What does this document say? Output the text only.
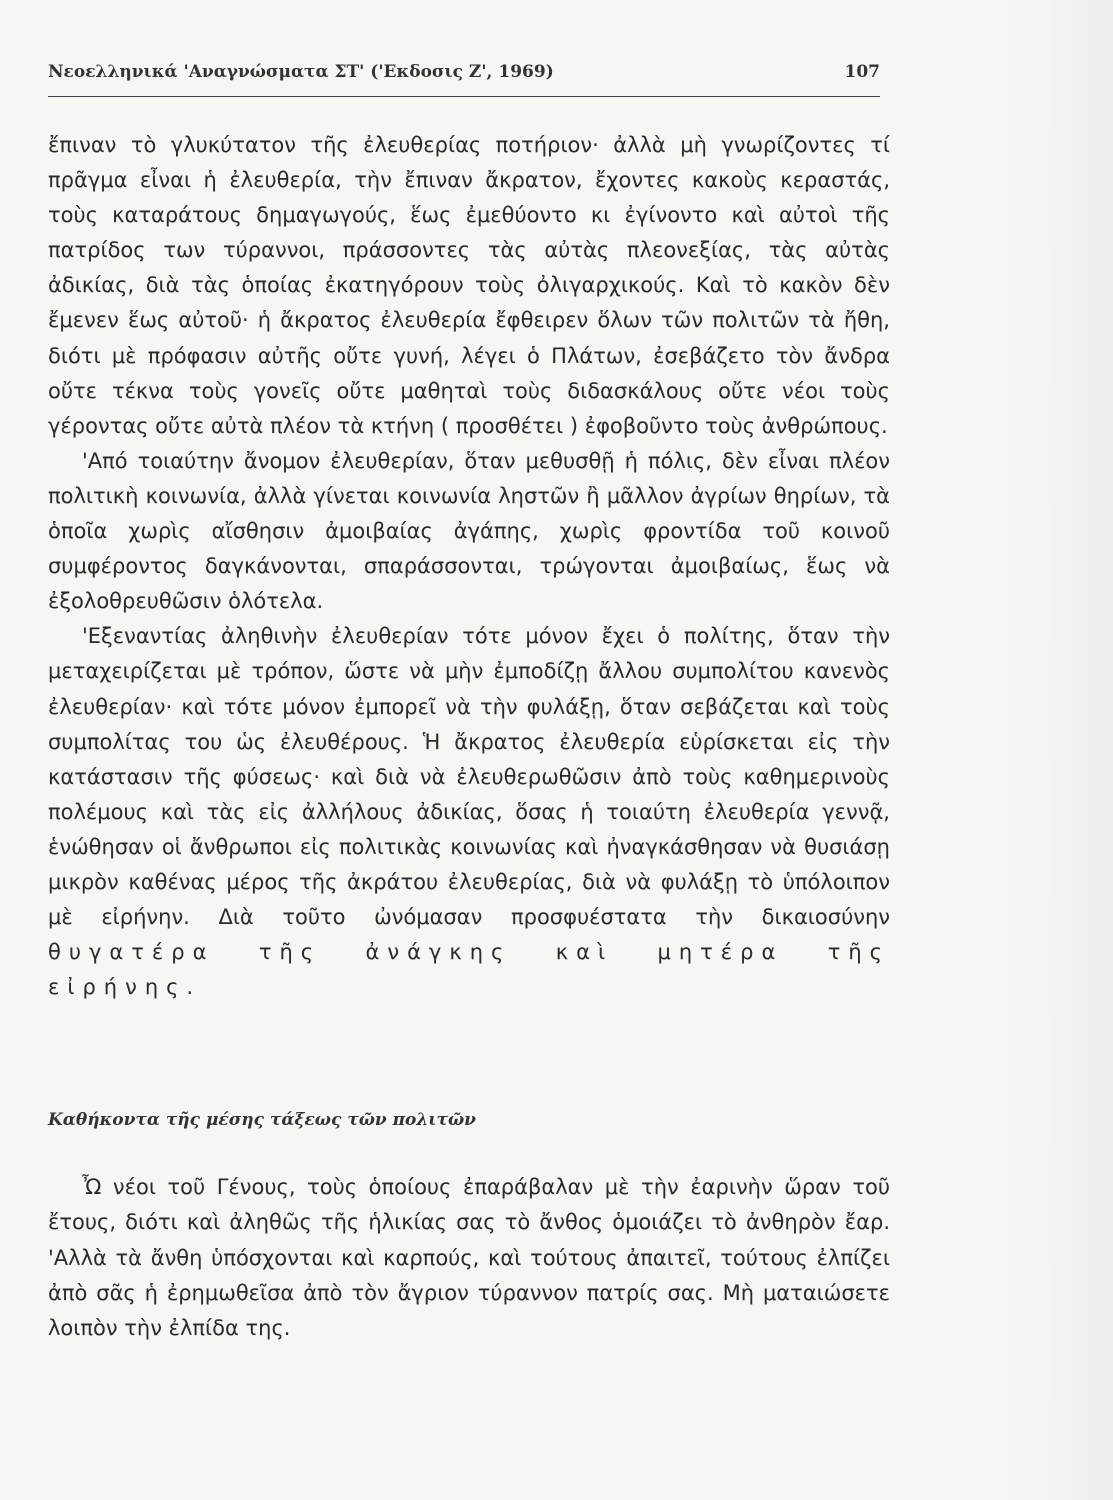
Νεοελληνικά 'Αναγνώσματα ΣΤ' ('Εκδοσις Ζ', 1969)	107

ἔπιναν τὸ γλυκύτατον τῆς ἐλευθερίας ποτήριον· ἀλλὰ μὴ γνωρίζοντες τί πρᾶγμα εἶναι ἡ ἐλευθερία, τὴν ἔπιναν ἄκρατον, ἔχοντες κακοὺς κεραστάς, τοὺς καταράτους δημαγωγούς, ἕως ἐμεθύοντο κι ἐγίνοντο καὶ αὐτοὶ τῆς πατρίδος των τύραννοι, πράσσοντες τὰς αὐτὰς πλεονεξίας, τὰς αὐτὰς ἀδικίας, διὰ τὰς ὁποίας ἐκατηγόρουν τοὺς ὀλιγαρχικούς. Καὶ τὸ κακὸν δὲν ἔμενεν ἕως αὐτοῦ· ἡ ἄκρατος ἐλευθερία ἔφθειρεν ὅλων τῶν πολιτῶν τὰ ἤθη, διότι μὲ πρόφασιν αὐτῆς οὔτε γυνή, λέγει ὁ Πλάτων, ἐσεβάζετο τὸν ἄνδρα οὔτε τέκνα τοὺς γονεῖς οὔτε μαθηταὶ τοὺς διδασκάλους οὔτε νέοι τοὺς γέροντας οὔτε αὐτὰ πλέον τὰ κτήνη ( προσθέτει ) ἐφοβοῦντο τοὺς ἀνθρώπους.

'Από τοιαύτην ἄνομον ἐλευθερίαν, ὅταν μεθυσθῇ ἡ πόλις, δὲν εἶναι πλέον πολιτικὴ κοινωνία, ἀλλὰ γίνεται κοινωνία ληστῶν ἢ μᾶλλον ἀγρίων θηρίων, τὰ ὁποῖα χωρὶς αἴσθησιν ἀμοιβαίας ἀγάπης, χωρὶς φροντίδα τοῦ κοινοῦ συμφέροντος δαγκάνονται, σπαράσσονται, τρώγονται ἀμοιβαίως, ἕως νὰ ἐξολοθρευθῶσιν ὁλότελα.

'Εξεναντίας ἀληθινὴν ἐλευθερίαν τότε μόνον ἔχει ὁ πολίτης, ὅταν τὴν μεταχειρίζεται μὲ τρόπον, ὥστε νὰ μὴν ἐμποδίζῃ ἄλλου συμπολίτου κανενὸς ἐλευθερίαν· καὶ τότε μόνον ἐμπορεῖ νὰ τὴν φυλάξῃ, ὅταν σεβάζεται καὶ τοὺς συμπολίτας του ὡς ἐλευθέρους. Ἡ ἄκρατος ἐλευθερία εὑρίσκεται εἰς τὴν κατάστασιν τῆς φύσεως· καὶ διὰ νὰ ἐλευθερωθῶσιν ἀπὸ τοὺς καθημερινοὺς πολέμους καὶ τὰς εἰς ἀλλήλους ἀδικίας, ὅσας ἡ τοιαύτη ἐλευθερία γεννᾷ, ἑνώθησαν οἱ ἄνθρωποι εἰς πολιτικὰς κοινωνίας καὶ ἠναγκάσθησαν νὰ θυσιάσῃ μικρὸν καθένας μέρος τῆς ἀκράτου ἐλευθερίας, διὰ νὰ φυλάξῃ τὸ ὑπόλοιπον μὲ εἰρήνην. Διὰ τοῦτο ὠνόμασαν προσφυέστατα τὴν δικαιοσύνην θυγατέρα τῆς ἀνάγκης καὶ μητέρα τῆς εἰρήνης.

Καθήκοντα τῆς μέσης τάξεως τῶν πολιτῶν

Ὦ νέοι τοῦ Γένους, τοὺς ὁποίους ἐπαράβαλαν μὲ τὴν ἐαρινὴν ὥραν τοῦ ἔτους, διότι καὶ ἀληθῶς τῆς ἡλικίας σας τὸ ἄνθος ὁμοιάζει τὸ ἀνθηρὸν ἔαρ. 'Αλλὰ τὰ ἄνθη ὑπόσχονται καὶ καρπούς, καὶ τούτους ἀπαιτεῖ, τούτους ἐλπίζει ἀπὸ σᾶς ἡ ἐρημωθεῖσα ἀπὸ τὸν ἄγριον τύραννον πατρίς σας. Μὴ ματαιώσετε λοιπὸν τὴν ἐλπίδα της.
